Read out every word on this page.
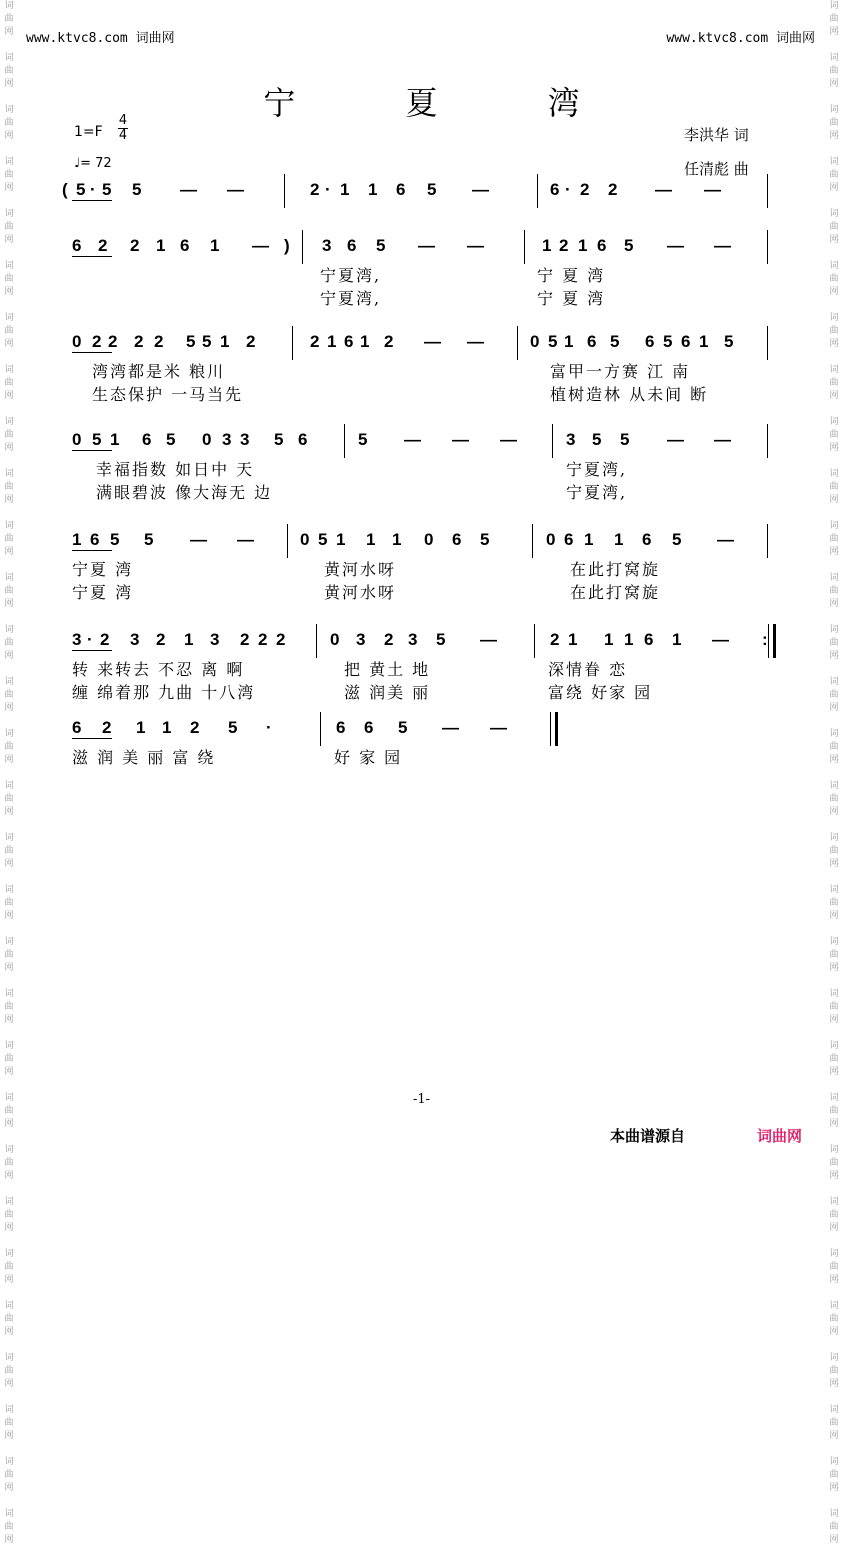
词
曲
网

词
曲
网

词
曲
网

词
曲
网

词
曲
网

词
曲
网

词
曲
网

词
曲
网

词
曲
网

词
曲
网

词
曲
网

词
曲
网

词
曲
网

词
曲
网

词
曲
网

词
曲
网

词
曲
网

词
曲
网

词
曲
网

词
曲
网

词
曲
网

词
曲
网

词
曲
网

词
曲
网

词
曲
网

词
曲
网

词
曲
网

词
曲
网

词
曲
网

词
曲
网

词
曲
网

词
曲
网

词
曲
网

词
曲
网

词
曲
网

词
曲
网

词
曲
网

词
曲
网

词
曲
网

词
曲
网

词
曲
网

词
曲
网

词
曲
网

词
曲
网

词
曲
网

词
曲
网

词
曲
网

词
曲
网

词
曲
网

词
曲
网

词
曲
网

词
曲
网

词
曲
网

词
曲
网

词
曲
网

词
曲
网

词
曲
网

词
曲
网

词
曲
网

词
曲
网

www.ktvc8.com 词曲网	www.ktvc8.com 词曲网
宁 夏 湾
1=F
4
4
♩= 72
李洪华 词
任清彪 曲
( 5 · 5 5 — —	2 · 1 1 6 5 —	6 · 2 2 — —
6 2 2 1 6 1 — ) 3 6 5 — —	1 2 1 6 5 — —
宁夏湾,	宁 夏 湾
宁夏湾,	宁 夏 湾
0 2 2 2 2 5 5 1 2	2 1 6 1 2 — —	0 5 1 6 5 6 5 6 1 5
湾湾都是米 粮川	富甲一方赛 江 南
生态保护 一马当先	植树造林 从未间 断
0 5 1 6 5 0 3 3 5 6	5 — — —	3 5 5 — —
幸福指数 如日中 天	宁夏湾,
满眼碧波 像大海无 边	宁夏湾,
1 6 5 5 — —	0 5 1 1 1 0 6 5	0 6 1 1 6 5 —
宁夏 湾	黄河水呀	在此打窝旋
宁夏 湾	黄河水呀	在此打窝旋
3 · 2 3 2 1 3 2 2 2	0 3 2 3 5 —	2 1 1 1 6 1 — :
转 来转去 不忍 离 啊	把 黄土 地	深情眷 恋
缠 绵着那 九曲 十八湾	滋 润美 丽	富绕 好家 园
6 2 1 1 2 5 ·	6 6 5 — —
滋 润 美 丽 富 绕	好 家 园
-1-
本曲谱源自	词曲网
